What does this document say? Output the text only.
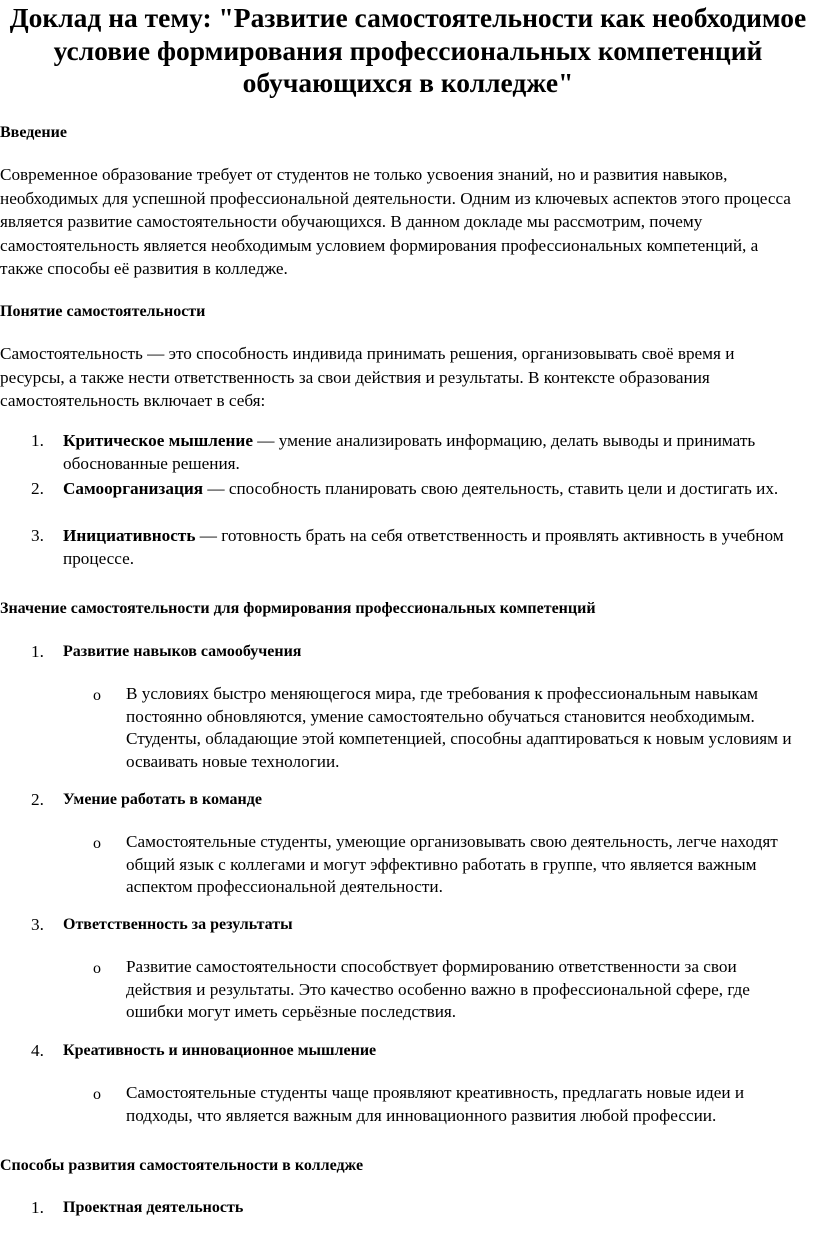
Доклад на тему: "Развитие самостоятельности как необходимое условие формирования профессиональных компетенций обучающихся в колледже"
Введение

Современное образование требует от студентов не только усвоения знаний, но и развития навыков, необходимых для успешной профессиональной деятельности. Одним из ключевых аспектов этого процесса является развитие самостоятельности обучающихся. В данном докладе мы рассмотрим, почему самостоятельность является необходимым условием формирования профессиональных компетенций, а также способы её развития в колледже.

Понятие самостоятельности

Самостоятельность — это способность индивида принимать решения, организовывать своё время и ресурсы, а также нести ответственность за свои действия и результаты. В контексте образования самостоятельность включает в себя:

1. Критическое мышление — умение анализировать информацию, делать выводы и принимать обоснованные решения.

2. Самоорганизация — способность планировать свою деятельность, ставить цели и достигать их.

3. Инициативность — готовность брать на себя ответственность и проявлять активность в учебном процессе.

Значение самостоятельности для формирования профессиональных компетенций
1. Развитие навыков самообучения
o В условиях быстро меняющегося мира, где требования к профессиональным навыкам постоянно обновляются, умение самостоятельно обучаться становится необходимым. Студенты, обладающие этой компетенцией, способны адаптироваться к новым условиям и осваивать новые технологии.

2. Умение работать в команде
o Самостоятельные студенты, умеющие организовывать свою деятельность, легче находят общий язык с коллегами и могут эффективно работать в группе, что является важным аспектом профессиональной деятельности.

3. Ответственность за результаты
o Развитие самостоятельности способствует формированию ответственности за свои действия и результаты. Это качество особенно важно в профессиональной сфере, где ошибки могут иметь серьёзные последствия.

4. Креативность и инновационное мышление
o Самостоятельные студенты чаще проявляют креативность, предлагать новые идеи и подходы, что является важным для инновационного развития любой профессии.

Способы развития самостоятельности в колледже
1. Проектная деятельность
